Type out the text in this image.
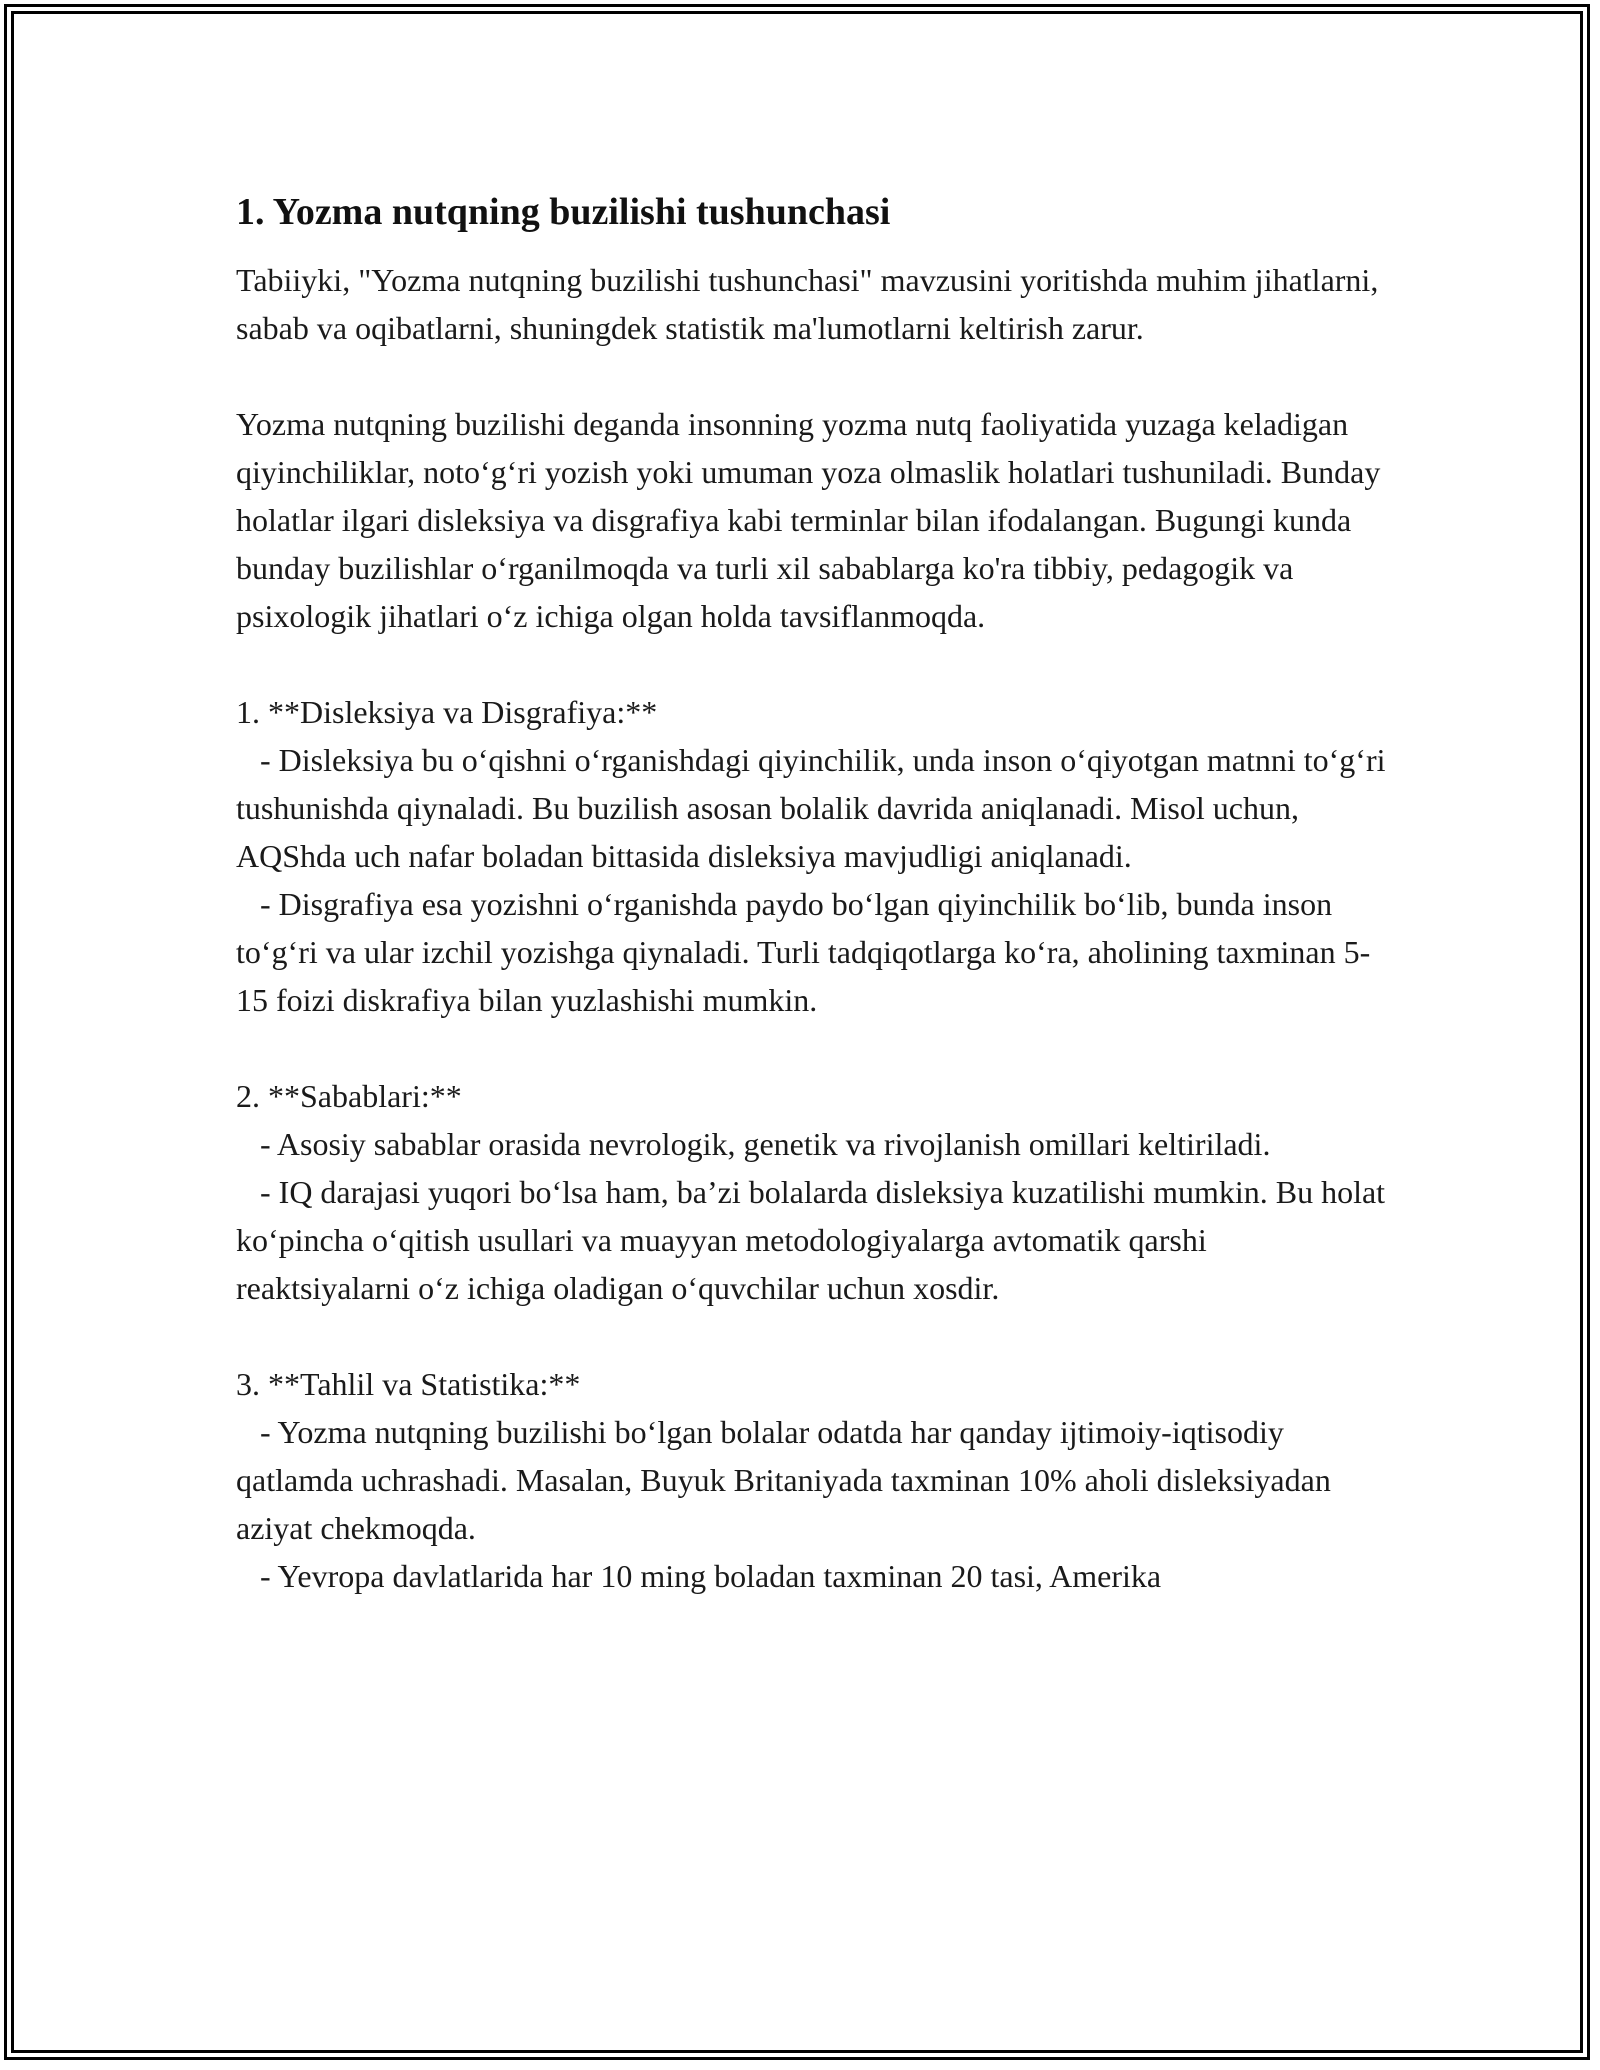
1. Yozma nutqning buzilishi tushunchasi

Tabiiyki, "Yozma nutqning buzilishi tushunchasi" mavzusini yoritishda muhim jihatlarni, sabab va oqibatlarni, shuningdek statistik ma'lumotlarni keltirish zarur.

Yozma nutqning buzilishi deganda insonning yozma nutq faoliyatida yuzaga keladigan qiyinchiliklar, noto‘g‘ri yozish yoki umuman yoza olmaslik holatlari tushuniladi. Bunday holatlar ilgari disleksiya va disgrafiya kabi terminlar bilan ifodalangan. Bugungi kunda bunday buzilishlar o‘rganilmoqda va turli xil sabablarga ko'ra tibbiy, pedagogik va psixologik jihatlari o‘z ichiga olgan holda tavsiflanmoqda.

1. **Disleksiya va Disgrafiya:**

- Disleksiya bu o‘qishni o‘rganishdagi qiyinchilik, unda inson o‘qiyotgan matnni to‘g‘ri tushunishda qiynaladi. Bu buzilish asosan bolalik davrida aniqlanadi. Misol uchun, AQShda uch nafar boladan bittasida disleksiya mavjudligi aniqlanadi.

- Disgrafiya esa yozishni o‘rganishda paydo bo‘lgan qiyinchilik bo‘lib, bunda inson to‘g‘ri va ular izchil yozishga qiynaladi. Turli tadqiqotlarga ko‘ra, aholining taxminan 5-15 foizi diskrafiya bilan yuzlashishi mumkin.

2. **Sabablari:**

- Asosiy sabablar orasida nevrologik, genetik va rivojlanish omillari keltiriladi.

- IQ darajasi yuqori bo‘lsa ham, ba’zi bolalarda disleksiya kuzatilishi mumkin. Bu holat ko‘pincha o‘qitish usullari va muayyan metodologiyalarga avtomatik qarshi reaktsiyalarni o‘z ichiga oladigan o‘quvchilar uchun xosdir.

3. **Tahlil va Statistika:**

- Yozma nutqning buzilishi bo‘lgan bolalar odatda har qanday ijtimoiy-iqtisodiy qatlamda uchrashadi. Masalan, Buyuk Britaniyada taxminan 10% aholi disleksiyadan aziyat chekmoqda.

- Yevropa davlatlarida har 10 ming boladan taxminan 20 tasi, Amerika
